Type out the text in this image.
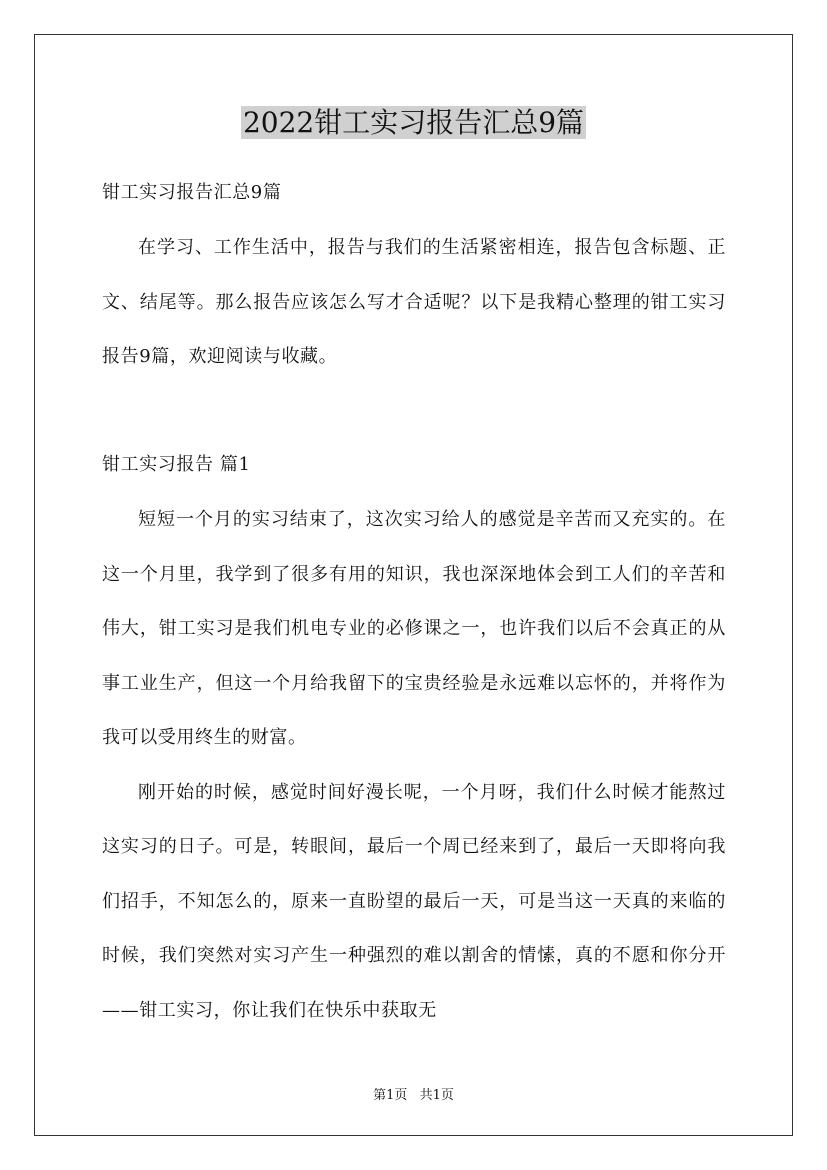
2022钳工实习报告汇总9篇
钳工实习报告汇总9篇

在学习、工作生活中，报告与我们的生活紧密相连，报告包含标题、正文、结尾等。那么报告应该怎么写才合适呢？以下是我精心整理的钳工实习报告9篇，欢迎阅读与收藏。

钳工实习报告 篇1

短短一个月的实习结束了，这次实习给人的感觉是辛苦而又充实的。在这一个月里，我学到了很多有用的知识，我也深深地体会到工人们的辛苦和伟大，钳工实习是我们机电专业的必修课之一，也许我们以后不会真正的从事工业生产，但这一个月给我留下的宝贵经验是永远难以忘怀的，并将作为我可以受用终生的财富。

刚开始的时候，感觉时间好漫长呢，一个月呀，我们什么时候才能熬过这实习的日子。可是，转眼间，最后一个周已经来到了，最后一天即将向我们招手，不知怎么的，原来一直盼望的最后一天，可是当这一天真的来临的时候，我们突然对实习产生一种强烈的难以割舍的情愫，真的不愿和你分开——钳工实习，你让我们在快乐中获取无

第1页 共1页
